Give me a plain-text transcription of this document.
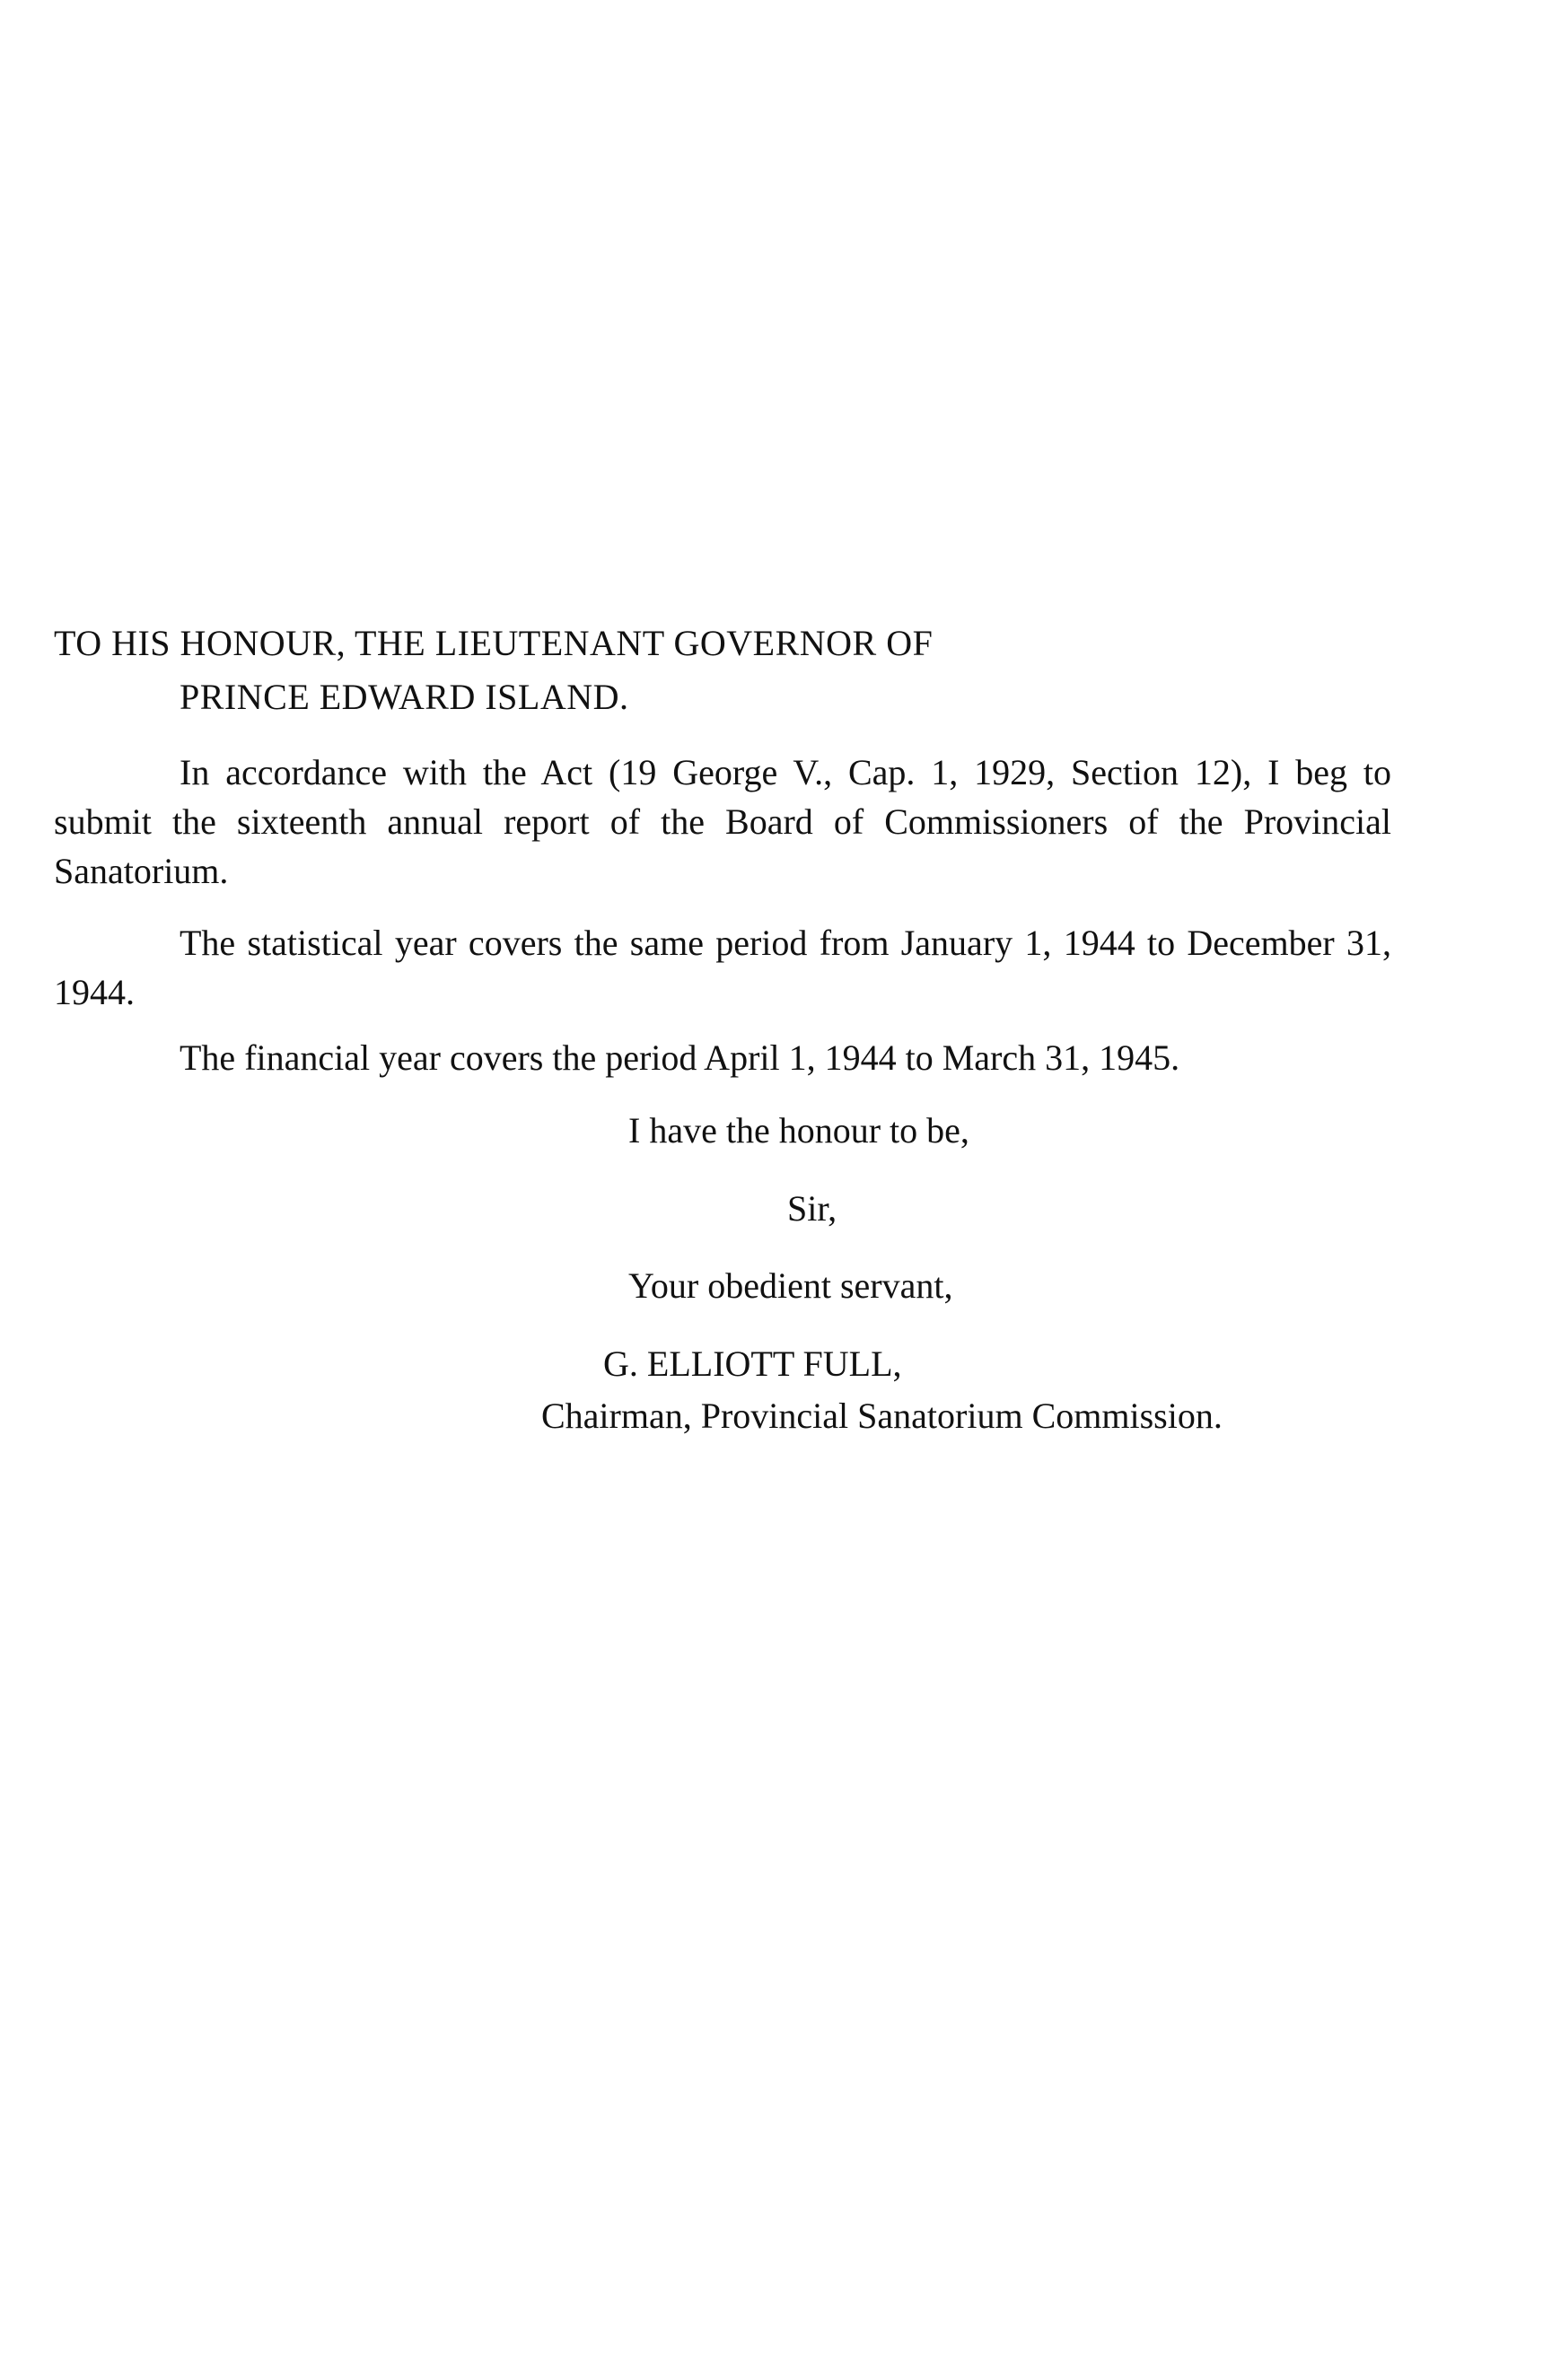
TO HIS HONOUR, THE LIEUTENANT GOVERNOR OF

PRINCE EDWARD ISLAND.

In accordance with the Act (19 George V., Cap. 1, 1929, Section 12), I beg to submit the sixteenth annual report of the Board of Commissioners of the Provincial Sanatorium.

The statistical year covers the same period from January 1, 1944 to December 31, 1944.

The financial year covers the period April 1, 1944 to March 31, 1945.

I have the honour to be,

Sir,

Your obedient servant,

G. ELLIOTT FULL,

Chairman, Provincial Sanatorium Commission.
